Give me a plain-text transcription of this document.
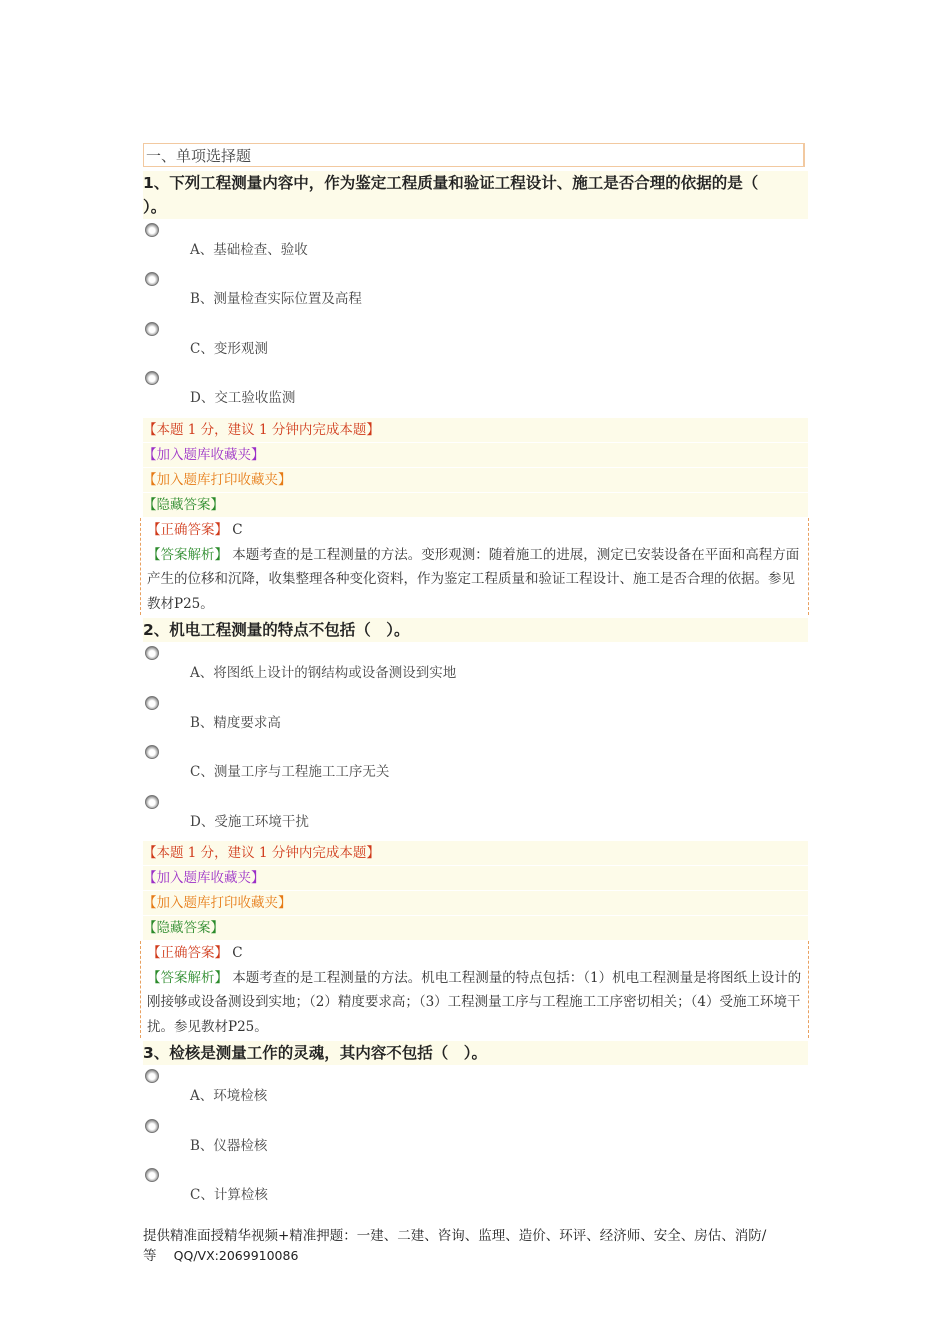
一、单项选择题
1、下列工程测量内容中，作为鉴定工程质量和验证工程设计、施工是否合理的依据的是（
）。
A、基础检查、验收
B、测量检查实际位置及高程
C、变形观测
D、交工验收监测
【本题 1 分，建议 1 分钟内完成本题】
【加入题库收藏夹】
【加入题库打印收藏夹】
【隐藏答案】
【正确答案】 C
【答案解析】 本题考查的是工程测量的方法。变形观测：随着施工的进展，测定已安装设备在平面和高程方面产生的位移和沉降，收集整理各种变化资料，作为鉴定工程质量和验证工程设计、施工是否合理的依据。参见教材P25。
2、机电工程测量的特点不包括（　）。
A、将图纸上设计的钢结构或设备测设到实地
B、精度要求高
C、测量工序与工程施工工序无关
D、受施工环境干扰
【本题 1 分，建议 1 分钟内完成本题】
【加入题库收藏夹】
【加入题库打印收藏夹】
【隐藏答案】
【正确答案】 C
【答案解析】 本题考查的是工程测量的方法。机电工程测量的特点包括：（1）机电工程测量是将图纸上设计的刚接够或设备测设到实地；（2）精度要求高；（3）工程测量工序与工程施工工序密切相关；（4）受施工环境干扰。参见教材P25。
3、检核是测量工作的灵魂，其内容不包括（　）。
A、环境检核
B、仪器检核
C、计算检核
提供精准面授精华视频+精准押题：一建、二建、咨询、监理、造价、环评、经济师、安全、房估、消防/
等 QQ/VX:2069910086
